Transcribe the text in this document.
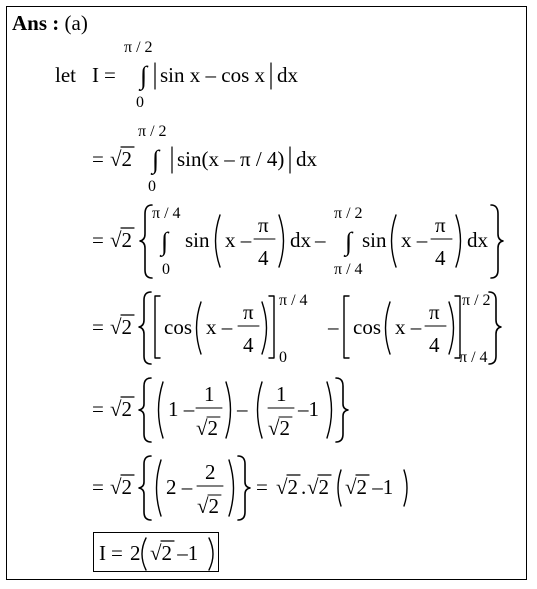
Ans : (a)
let I =
π / 2
∫
0
sin x – cos x dx
= √2
π / 2
∫
0
sin(x – π / 4) dx
= √2
π / 4
∫
0
sin x –
π
4
dx –
π / 2
∫
π / 4
sin x –
π
4
dx
= √2 cos x –
π
4
π / 4
0
– cos x –
π
4
π / 2
π / 4
= √2 1 –
1
√2
–
1
√2
–1
= √2 2 –
2
√2
= √2 . √2 √2 –1
I = 2 √2 –1
